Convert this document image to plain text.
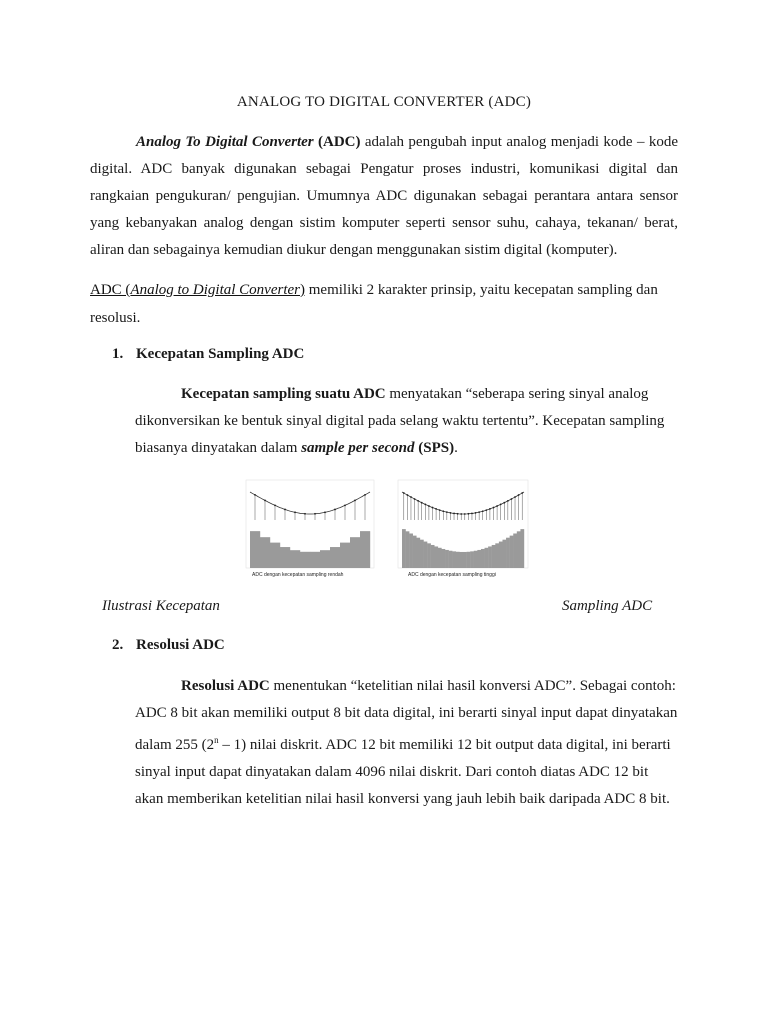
ANALOG TO DIGITAL CONVERTER (ADC)
Analog To Digital Converter (ADC) adalah pengubah input analog menjadi kode – kode digital. ADC banyak digunakan sebagai Pengatur proses industri, komunikasi digital dan rangkaian pengukuran/ pengujian. Umumnya ADC digunakan sebagai perantara antara sensor yang kebanyakan analog dengan sistim komputer seperti sensor suhu, cahaya, tekanan/ berat, aliran dan sebagainya kemudian diukur dengan menggunakan sistim digital (komputer).
ADC (Analog to Digital Converter) memiliki 2 karakter prinsip, yaitu kecepatan sampling dan resolusi.
1. Kecepatan Sampling ADC
Kecepatan sampling suatu ADC menyatakan “seberapa sering sinyal analog dikonversikan ke bentuk sinyal digital pada selang waktu tertentu”. Kecepatan sampling biasanya dinyatakan dalam sample per second (SPS).
ADC dengan kecepatan sampling rendah	ADC dengan kecepatan sampling tinggi
Ilustrasi Kecepatan	Sampling ADC
2. Resolusi ADC
Resolusi ADC menentukan “ketelitian nilai hasil konversi ADC”. Sebagai contoh: ADC 8 bit akan memiliki output 8 bit data digital, ini berarti sinyal input dapat dinyatakan dalam 255 (2$^n$ – 1) nilai diskrit. ADC 12 bit memiliki 12 bit output data digital, ini berarti sinyal input dapat dinyatakan dalam 4096 nilai diskrit. Dari contoh diatas ADC 12 bit akan memberikan ketelitian nilai hasil konversi yang jauh lebih baik daripada ADC 8 bit.
